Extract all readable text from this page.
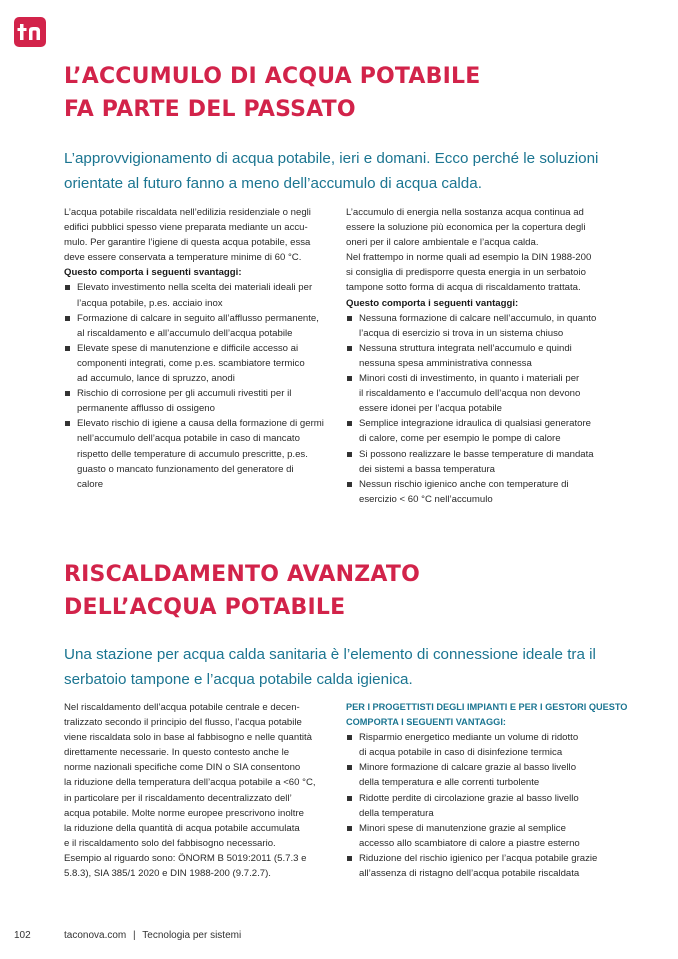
L’ACCUMULO DI ACQUA POTABILE
FA PARTE DEL PASSATO
L’approvvigionamento di acqua potabile, ieri e domani. Ecco perché le soluzioni
orientate al futuro fanno a meno dell’accumulo di acqua calda.

L’acqua potabile riscaldata nell’edilizia residenziale o negli
edifici pubblici spesso viene preparata mediante un accu-
mulo. Per garantire l’igiene di questa acqua potabile, essa
deve essere conservata a temperature minime di 60 °C.

Questo comporta i seguenti svantaggi:
Elevato investimento nella scelta dei materiali ideali per
l’acqua potabile, p.es. acciaio inox
Formazione di calcare in seguito all’afflusso permanente,
al riscaldamento e all’accumulo dell’acqua potabile
Elevate spese di manutenzione e difficile accesso ai
componenti integrati, come p.es. scambiatore termico
ad accumulo, lance di spruzzo, anodi
Rischio di corrosione per gli accumuli rivestiti per il
permanente afflusso di ossigeno
Elevato rischio di igiene a causa della formazione di germi
nell’accumulo dell’acqua potabile in caso di mancato
rispetto delle temperature di accumulo prescritte, p.es.
guasto o mancato funzionamento del generatore di
calore

L’accumulo di energia nella sostanza acqua continua ad
essere la soluzione più economica per la copertura degli
oneri per il calore ambientale e l’acqua calda.
Nel frattempo in norme quali ad esempio la DIN 1988-200
si consiglia di predisporre questa energia in un serbatoio
tampone sotto forma di acqua di riscaldamento trattata.

Questo comporta i seguenti vantaggi:
Nessuna formazione di calcare nell’accumulo, in quanto
l’acqua di esercizio si trova in un sistema chiuso
Nessuna struttura integrata nell’accumulo e quindi
nessuna spesa amministrativa connessa
Minori costi di investimento, in quanto i materiali per
il riscaldamento e l’accumulo dell’acqua non devono
essere idonei per l’acqua potabile
Semplice integrazione idraulica di qualsiasi generatore
di calore, come per esempio le pompe di calore
Si possono realizzare le basse temperature di mandata
dei sistemi a bassa temperatura
Nessun rischio igienico anche con temperature di
esercizio < 60 °C nell’accumulo
RISCALDAMENTO AVANZATO
DELL’ACQUA POTABILE
Una stazione per acqua calda sanitaria è l’elemento di connessione ideale tra il
serbatoio tampone e l’acqua potabile calda igienica.

Nel riscaldamento dell’acqua potabile centrale e decen-
tralizzato secondo il principio del flusso, l’acqua potabile
viene riscaldata solo in base al fabbisogno e nelle quantità
direttamente necessarie. In questo contesto anche le
norme nazionali specifiche come DIN o SIA consentono
la riduzione della temperatura dell’acqua potabile a <60 °C,
in particolare per il riscaldamento decentralizzato dell’
acqua potabile. Molte norme europee prescrivono inoltre
la riduzione della quantità di acqua potabile accumulata
e il riscaldamento solo del fabbisogno necessario.
Esempio al riguardo sono: ÖNORM B 5019:2011 (5.7.3 e
5.8.3), SIA 385/1 2020 e DIN 1988-200 (9.7.2.7).

PER I PROGETTISTI DEGLI IMPIANTI E PER I GESTORI QUESTO
COMPORTA I SEGUENTI VANTAGGI:
Risparmio energetico mediante un volume di ridotto
di acqua potabile in caso di disinfezione termica
Minore formazione di calcare grazie al basso livello
della temperatura e alle correnti turbolente
Ridotte perdite di circolazione grazie al basso livello
della temperatura
Minori spese di manutenzione grazie al semplice
accesso allo scambiatore di calore a piastre esterno
Riduzione del rischio igienico per l’acqua potabile grazie
all’assenza di ristagno dell’acqua potabile riscaldata
102	taconova.com | Tecnologia per sistemi
